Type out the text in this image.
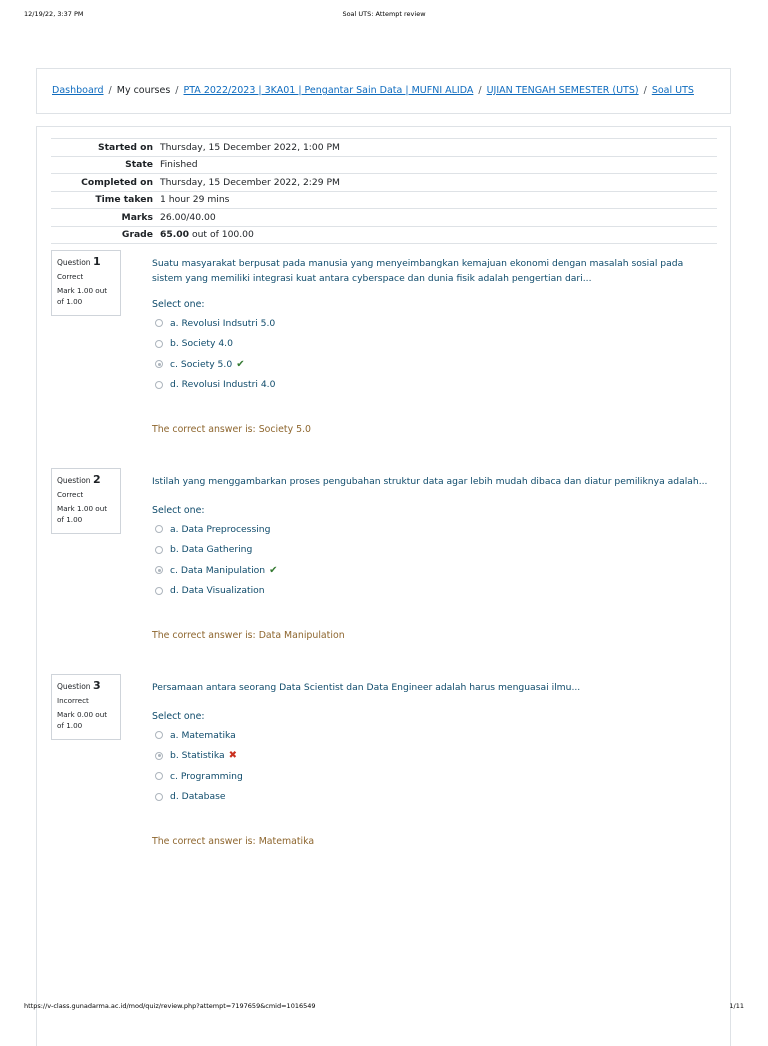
12/19/22, 3:37 PM	Soal UTS: Attempt review
Dashboard / My courses / PTA 2022/2023 | 3KA01 | Pengantar Sain Data | MUFNI ALIDA / UJIAN TENGAH SEMESTER (UTS) / Soal UTS
Started on	Thursday, 15 December 2022, 1:00 PM
State	Finished
Completed on	Thursday, 15 December 2022, 2:29 PM
Time taken	1 hour 29 mins
Marks	26.00/40.00
Grade	65.00 out of 100.00
Question 1
Correct
Mark 1.00 out of 1.00
Suatu masyarakat berpusat pada manusia yang menyeimbangkan kemajuan ekonomi dengan masalah sosial pada sistem yang memiliki integrasi kuat antara cyberspace dan dunia fisik adalah pengertian dari...
Select one:
a. Revolusi Indsutri 5.0
b. Society 4.0
c. Society 5.0 ✔
d. Revolusi Industri 4.0
The correct answer is: Society 5.0
Question 2
Correct
Mark 1.00 out of 1.00
Istilah yang menggambarkan proses pengubahan struktur data agar lebih mudah dibaca dan diatur pemiliknya adalah...
Select one:
a. Data Preprocessing
b. Data Gathering
c. Data Manipulation ✔
d. Data Visualization
The correct answer is: Data Manipulation
Question 3
Incorrect
Mark 0.00 out of 1.00
Persamaan antara seorang Data Scientist dan Data Engineer adalah harus menguasai ilmu...
Select one:
a. Matematika
b. Statistika ✖
c. Programming
d. Database
The correct answer is: Matematika
https://v-class.gunadarma.ac.id/mod/quiz/review.php?attempt=7197659&cmid=1016549	1/11
